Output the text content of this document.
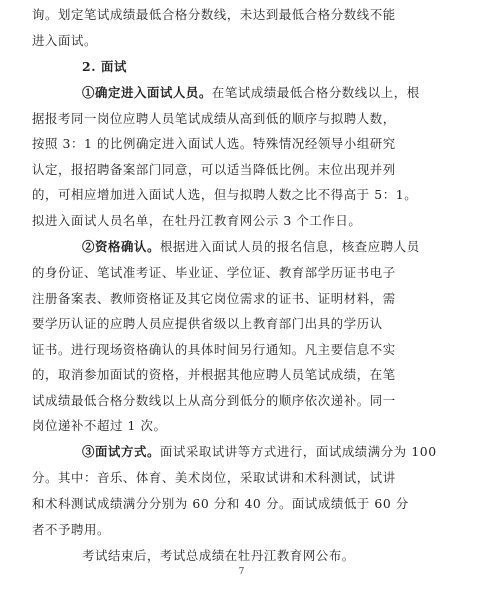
询。划定笔试成绩最低合格分数线，未达到最低合格分数线不能
进入面试。
2. 面试
①确定进入面试人员。在笔试成绩最低合格分数线以上，根
据报考同一岗位应聘人员笔试成绩从高到低的顺序与拟聘人数，
按照 3：1 的比例确定进入面试人选。特殊情况经领导小组研究
认定，报招聘备案部门同意，可以适当降低比例。末位出现并列
的，可相应增加进入面试人选，但与拟聘人数之比不得高于 5：1。
拟进入面试人员名单，在牡丹江教育网公示 3 个工作日。
②资格确认。根据进入面试人员的报名信息，核查应聘人员
的身份证、笔试准考证、毕业证、学位证、教育部学历证书电子
注册备案表、教师资格证及其它岗位需求的证书、证明材料，需
要学历认证的应聘人员应提供省级以上教育部门出具的学历认
证书。进行现场资格确认的具体时间另行通知。凡主要信息不实
的，取消参加面试的资格，并根据其他应聘人员笔试成绩，在笔
试成绩最低合格分数线以上从高分到低分的顺序依次递补。同一
岗位递补不超过 1 次。
③面试方式。面试采取试讲等方式进行，面试成绩满分为 100
分。其中：音乐、体育、美术岗位，采取试讲和术科测试，试讲
和术科测试成绩满分分别为 60 分和 40 分。面试成绩低于 60 分
者不予聘用。
考试结束后，考试总成绩在牡丹江教育网公布。
7
